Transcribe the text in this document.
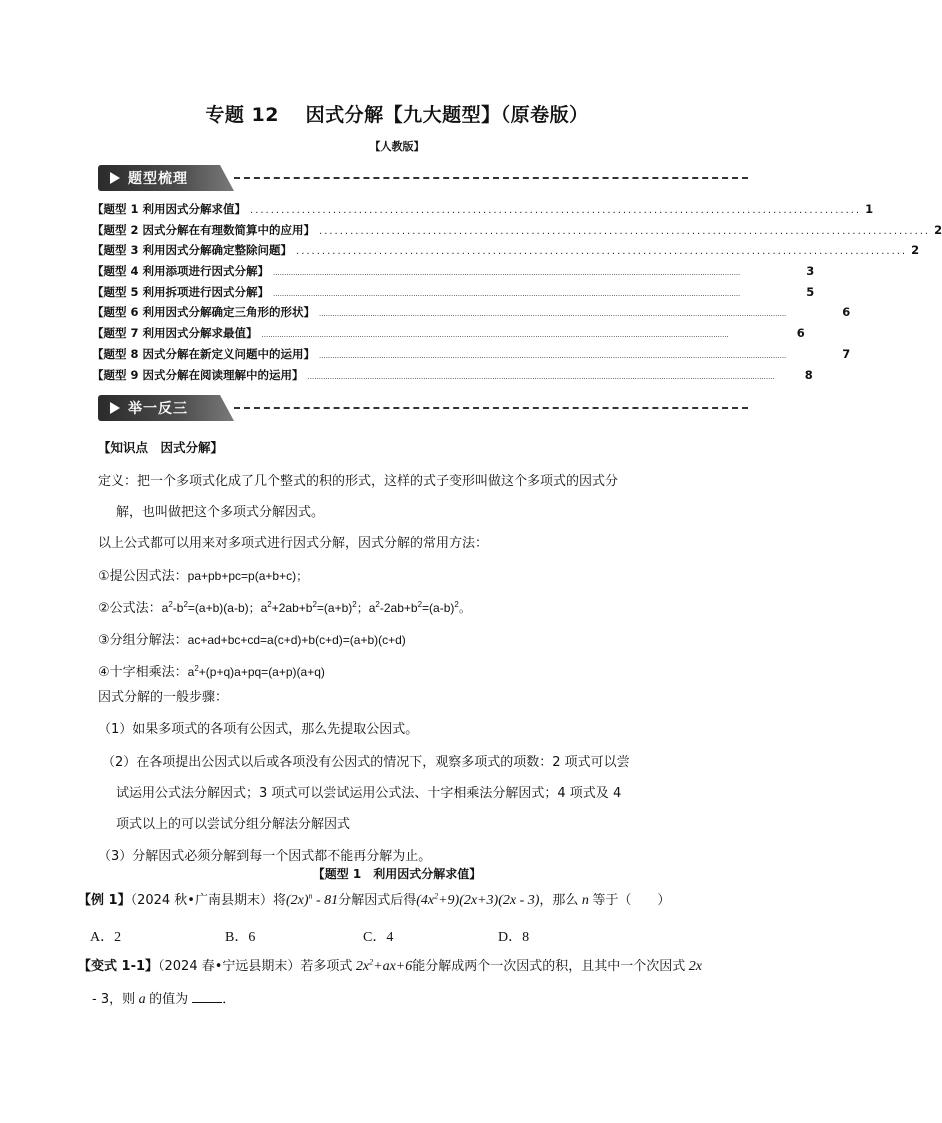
专题 12　 因式分解【九大题型】（原卷版）
【人教版】
题型梳理
【题型 1 利用因式分解求值】 ...................................................................................................................... 1
【题型 2 因式分解在有理数简算中的应用】 ...................................................................................................................... 2
【题型 3 利用因式分解确定整除问题】 ...................................................................................................................... 2
【题型 4 利用添项进行因式分解】 ..................................................................................................................................................................................................................	3
【题型 5 利用拆项进行因式分解】 ..................................................................................................................................................................................................................	5
【题型 6 利用因式分解确定三角形的形状】 ..................................................................................................................................................................................................................	6
【题型 7 利用因式分解求最值】 ..................................................................................................................................................................................................................	6
【题型 8 因式分解在新定义问题中的运用】 ..................................................................................................................................................................................................................	7
【题型 9 因式分解在阅读理解中的运用】 ..................................................................................................................................................................................................................	8
举一反三
【知识点　因式分解】
定义：把一个多项式化成了几个整式的积的形式，这样的式子变形叫做这个多项式的因式分
解，也叫做把这个多项式分解因式。
以上公式都可以用来对多项式进行因式分解，因式分解的常用方法：
①提公因式法：pa+pb+pc=p(a+b+c)；
②公式法：$a^2-b^2=(a+b)(a-b)$；$a^2+2ab+b^2=(a+b)^2$；$a^2-2ab+b^2=(a-b)^2$。
③分组分解法：ac+ad+bc+cd=a(c+d)+b(c+d)=(a+b)(c+d)
④十字相乘法：$a^2+(p+q)a+pq=(a+p)(a+q)$
因式分解的一般步骤：
（1）如果多项式的各项有公因式，那么先提取公因式。
（2）在各项提出公因式以后或各项没有公因式的情况下，观察多项式的项数：2 项式可以尝
试运用公式法分解因式；3 项式可以尝试运用公式法、十字相乘法分解因式；4 项式及 4
项式以上的可以尝试分组分解法分解因式
（3）分解因式必须分解到每一个因式都不能再分解为止。
【题型 1　利用因式分解求值】
【例 1】（2024 秋•广南县期末）将$(2x)^n - 81$分解因式后得$(4x^2+9)(2x+3)(2x - 3)$，那么 n 等于（　　）
A．2	B．6	C．4	D．8
【变式 1-1】（2024 春•宁远县期末）若多项式 $2x^2+ax+6$能分解成两个一次因式的积，且其中一个次因式 2x
- 3，则 a 的值为	．
